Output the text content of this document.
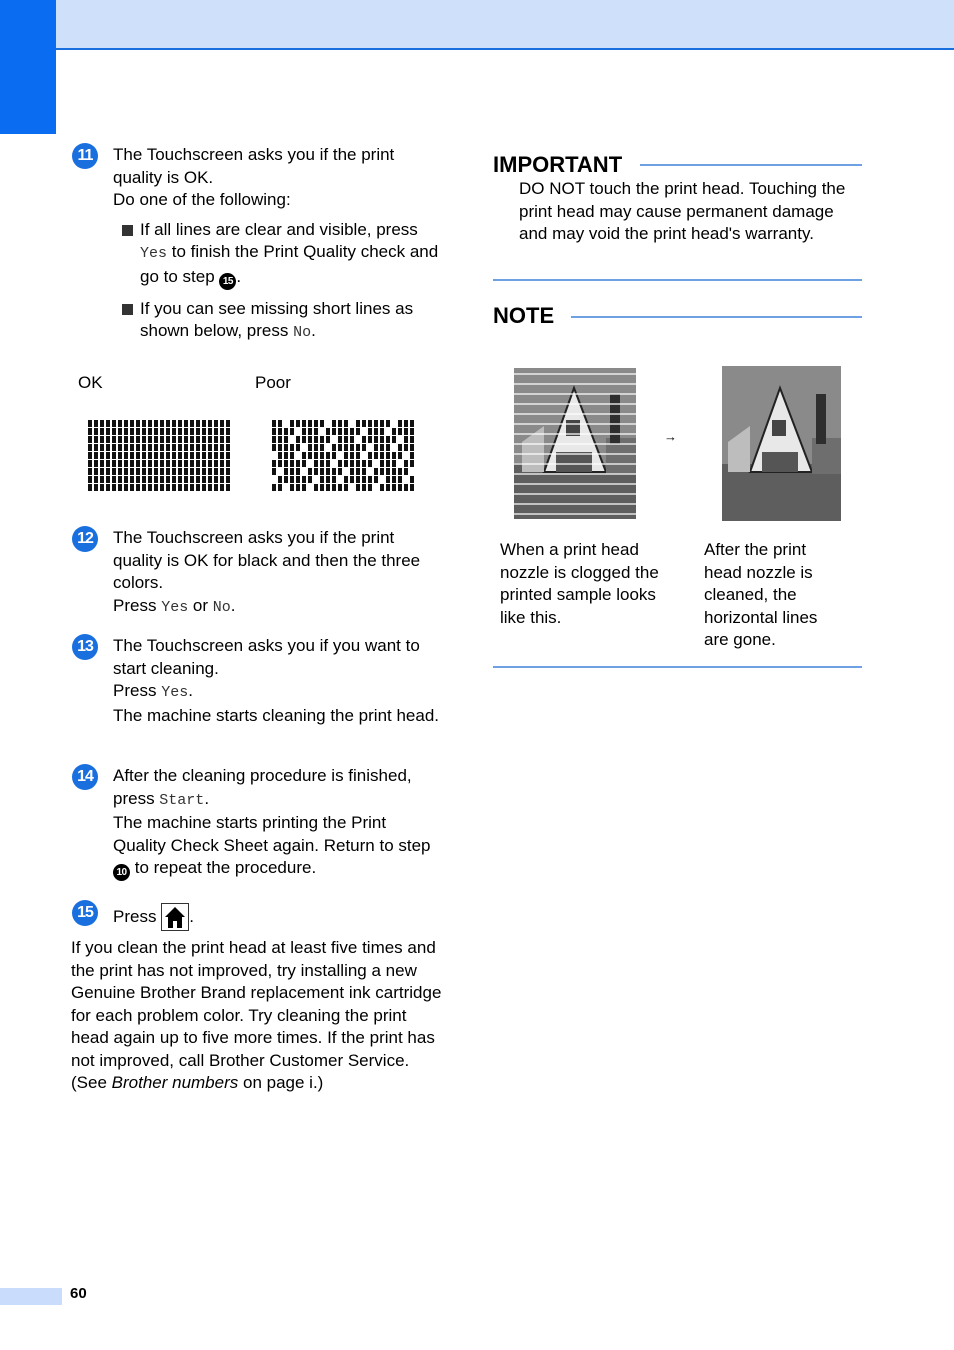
11	The Touchscreen asks you if the print quality is OK.
Do one of the following:
If all lines are clear and visible, press Yes to finish the Print Quality check and go to step 15 .
If you can see missing short lines as shown below, press No.
OK	Poor
12	The Touchscreen asks you if the print quality is OK for black and then the three colors.
Press Yes or No.
13	The Touchscreen asks you if you want to start cleaning.
Press Yes.
The machine starts cleaning the print head.
14	After the cleaning procedure is finished,
press Start.
The machine starts printing the Print Quality Check Sheet again. Return to step 10 to repeat the procedure.
15	Press .
If you clean the print head at least five times and the print has not improved, try installing a new Genuine Brother Brand replacement ink cartridge for each problem color. Try cleaning the print head again up to five more times. If the print has not improved, call Brother Customer Service. (See Brother numbers on page i.)
IMPORTANT
DO NOT touch the print head. Touching the print head may cause permanent damage and may void the print head's warranty.
NOTE
→
When a print head nozzle is clogged the printed sample looks like this.
After the print head nozzle is cleaned, the horizontal lines are gone.
60
